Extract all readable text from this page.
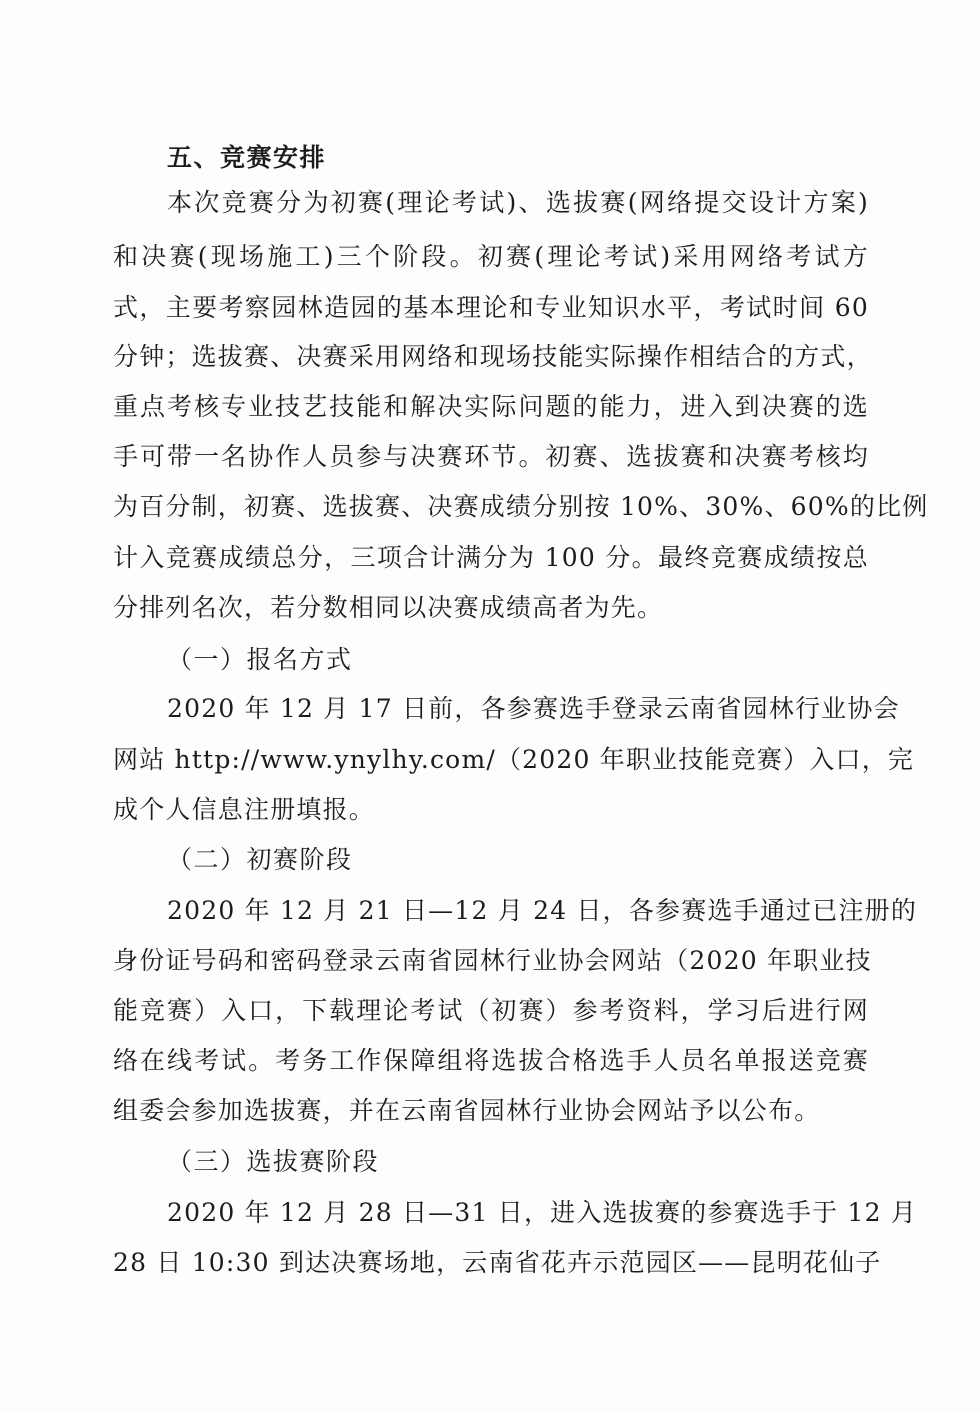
五、竞赛安排
本次竞赛分为初赛(理论考试)、选拔赛(网络提交设计方案)
和决赛(现场施工)三个阶段。初赛(理论考试)采用网络考试方
式，主要考察园林造园的基本理论和专业知识水平，考试时间 60
分钟；选拔赛、决赛采用网络和现场技能实际操作相结合的方式，
重点考核专业技艺技能和解决实际问题的能力，进入到决赛的选
手可带一名协作人员参与决赛环节。初赛、选拔赛和决赛考核均
为百分制，初赛、选拔赛、决赛成绩分别按 10%、30%、60%的比例
计入竞赛成绩总分，三项合计满分为 100 分。最终竞赛成绩按总
分排列名次，若分数相同以决赛成绩高者为先。
（一）报名方式
2020 年 12 月 17 日前，各参赛选手登录云南省园林行业协会
网站 http://www.ynylhy.com/（2020 年职业技能竞赛）入口，完
成个人信息注册填报。
（二）初赛阶段
2020 年 12 月 21 日—12 月 24 日，各参赛选手通过已注册的
身份证号码和密码登录云南省园林行业协会网站（2020 年职业技
能竞赛）入口，下载理论考试（初赛）参考资料，学习后进行网
络在线考试。考务工作保障组将选拔合格选手人员名单报送竞赛
组委会参加选拔赛，并在云南省园林行业协会网站予以公布。
（三）选拔赛阶段
2020 年 12 月 28 日—31 日，进入选拔赛的参赛选手于 12 月
28 日 10:30 到达决赛场地，云南省花卉示范园区——昆明花仙子
